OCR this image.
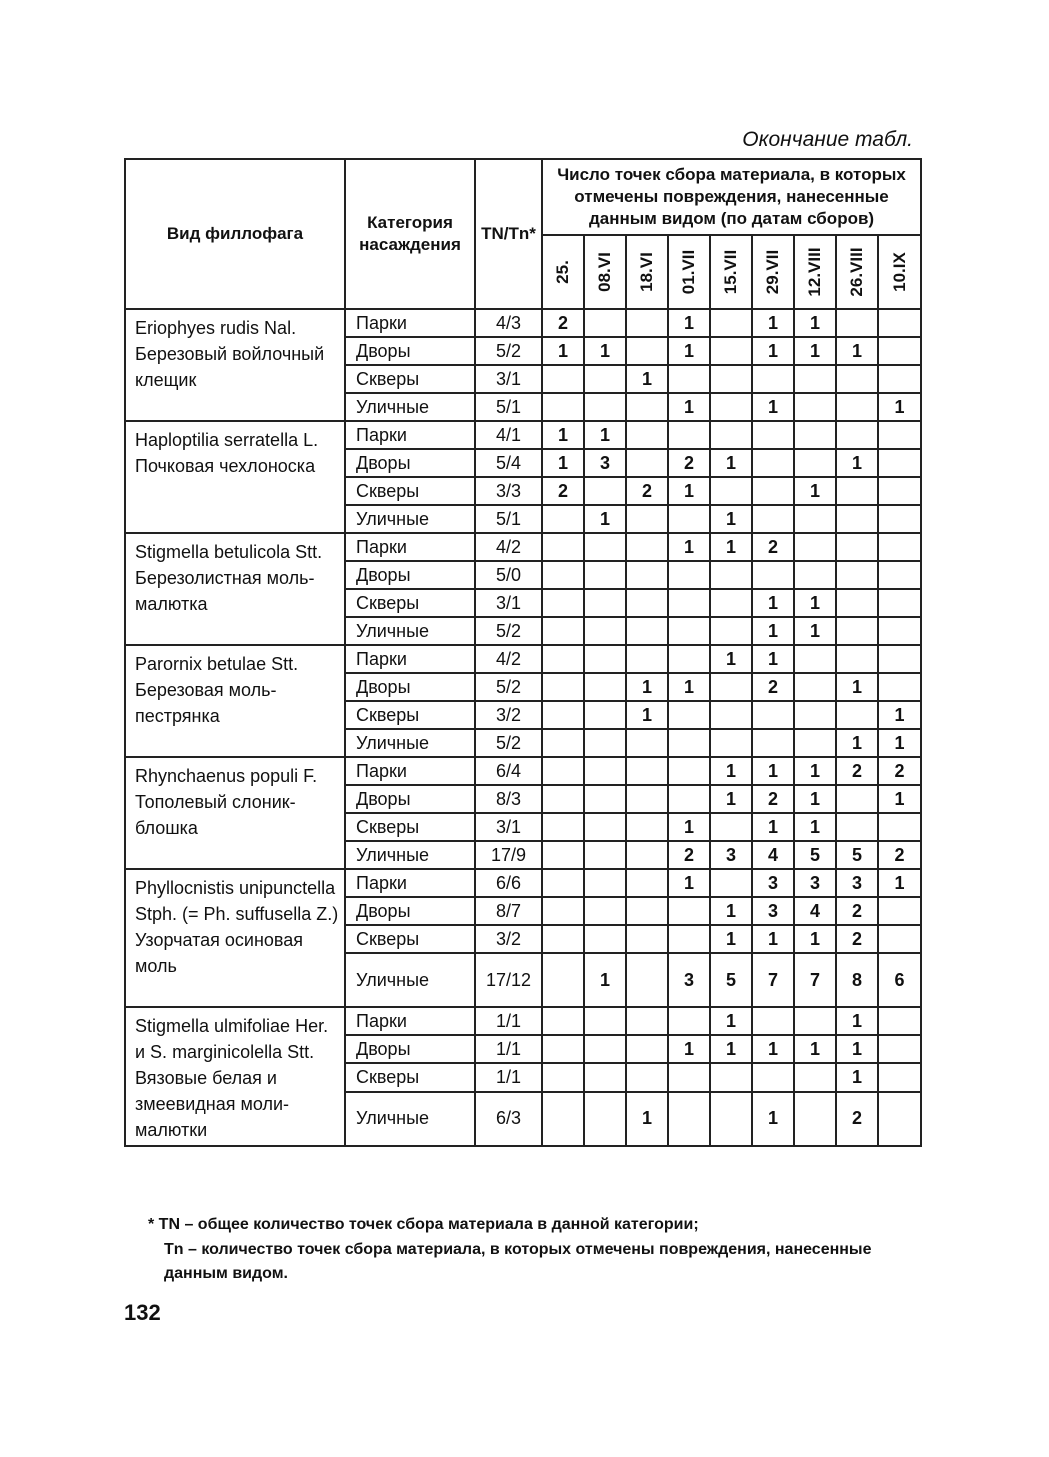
Окончание табл.
Вид филлофага	Категория насаждения	TN/Tn*	Число точек сбора материала, в которых отмечены повреждения, нанесенные данным видом (по датам сборов)								

			25.	08.VI	18.VI	01.VII	15.VII	29.VII	12.VIII	26.VIII	10.IX

Eriophyes rudis Nal. Березовый войлочный клещик	Парки	4/3	2			1		1	1		
	Дворы	5/2	1	1		1		1	1	1	
	Скверы	3/1			1						
	Уличные	5/1				1		1			1
Haploptilia serratella L. Почковая чехлоноска	Парки	4/1	1	1							
	Дворы	5/4	1	3		2	1			1	
	Скверы	3/3	2		2	1			1		
	Уличные	5/1		1			1				
Stigmella betulicola Stt. Березолистная моль-малютка	Парки	4/2				1	1	2			
	Дворы	5/0									
	Скверы	3/1						1	1		
	Уличные	5/2						1	1		
Parornix betulae Stt. Березовая моль-пестрянка	Парки	4/2					1	1			
	Дворы	5/2			1	1		2		1	
	Скверы	3/2			1						1
	Уличные	5/2								1	1
Rhynchaenus populi F. Тополевый слоник-блошка	Парки	6/4					1	1	1	2	2
	Дворы	8/3					1	2	1		1
	Скверы	3/1				1		1	1		
	Уличные	17/9				2	3	4	5	5	2
Phyllocnistis unipunctella Stph. (= Ph. suffusella Z.) Узорчатая осиновая моль	Парки	6/6				1		3	3	3	1
	Дворы	8/7					1	3	4	2	
	Скверы	3/2					1	1	1	2	
	Уличные	17/12		1		3	5	7	7	8	6
Stigmella ulmifoliae Her. и S. marginicolella Stt. Вязовые белая и змеевидная моли-малютки	Парки	1/1					1			1	
	Дворы	1/1				1	1	1	1	1	
	Скверы	1/1								1	
	Уличные	6/3			1			1		2	
* TN – общее количество точек сбора материала в данной категории;
Tn – количество точек сбора материала, в которых отмечены повреждения, нанесенные данным видом.
132
